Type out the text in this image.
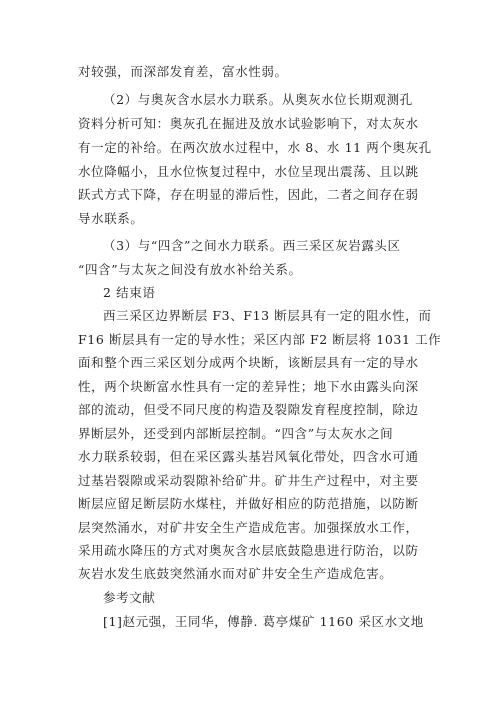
对较强，而深部发育差，富水性弱。
（2）与奥灰含水层水力联系。从奥灰水位长期观测孔
资料分析可知：奥灰孔在掘进及放水试验影响下，对太灰水
有一定的补给。在两次放水过程中，水 8、水 11 两个奥灰孔
水位降幅小，且水位恢复过程中，水位呈现出震荡、且以跳
跃式方式下降，存在明显的滞后性，因此，二者之间存在弱
导水联系。
（3）与“四含”之间水力联系。西三采区灰岩露头区
“四含”与太灰之间没有放水补给关系。
2 结束语
西三采区边界断层 F3、F13 断层具有一定的阻水性，而
F16 断层具有一定的导水性；采区内部 F2 断层将 1031 工作
面和整个西三采区划分成两个块断，该断层具有一定的导水
性，两个块断富水性具有一定的差异性；地下水由露头向深
部的流动，但受不同尺度的构造及裂隙发育程度控制，除边
界断层外，还受到内部断层控制。“四含”与太灰水之间
水力联系较弱，但在采区露头基岩风氧化带处，四含水可通
过基岩裂隙或采动裂隙补给矿井。矿井生产过程中，对主要
断层应留足断层防水煤柱，并做好相应的防范措施，以防断
层突然涌水，对矿井安全生产造成危害。加强探放水工作，
采用疏水降压的方式对奥灰含水层底鼓隐患进行防治，以防
灰岩水发生底鼓突然涌水而对矿井安全生产造成危害。
参考文献
[1]赵元强，王同华，傅静. 葛亭煤矿 1160 采区水文地
